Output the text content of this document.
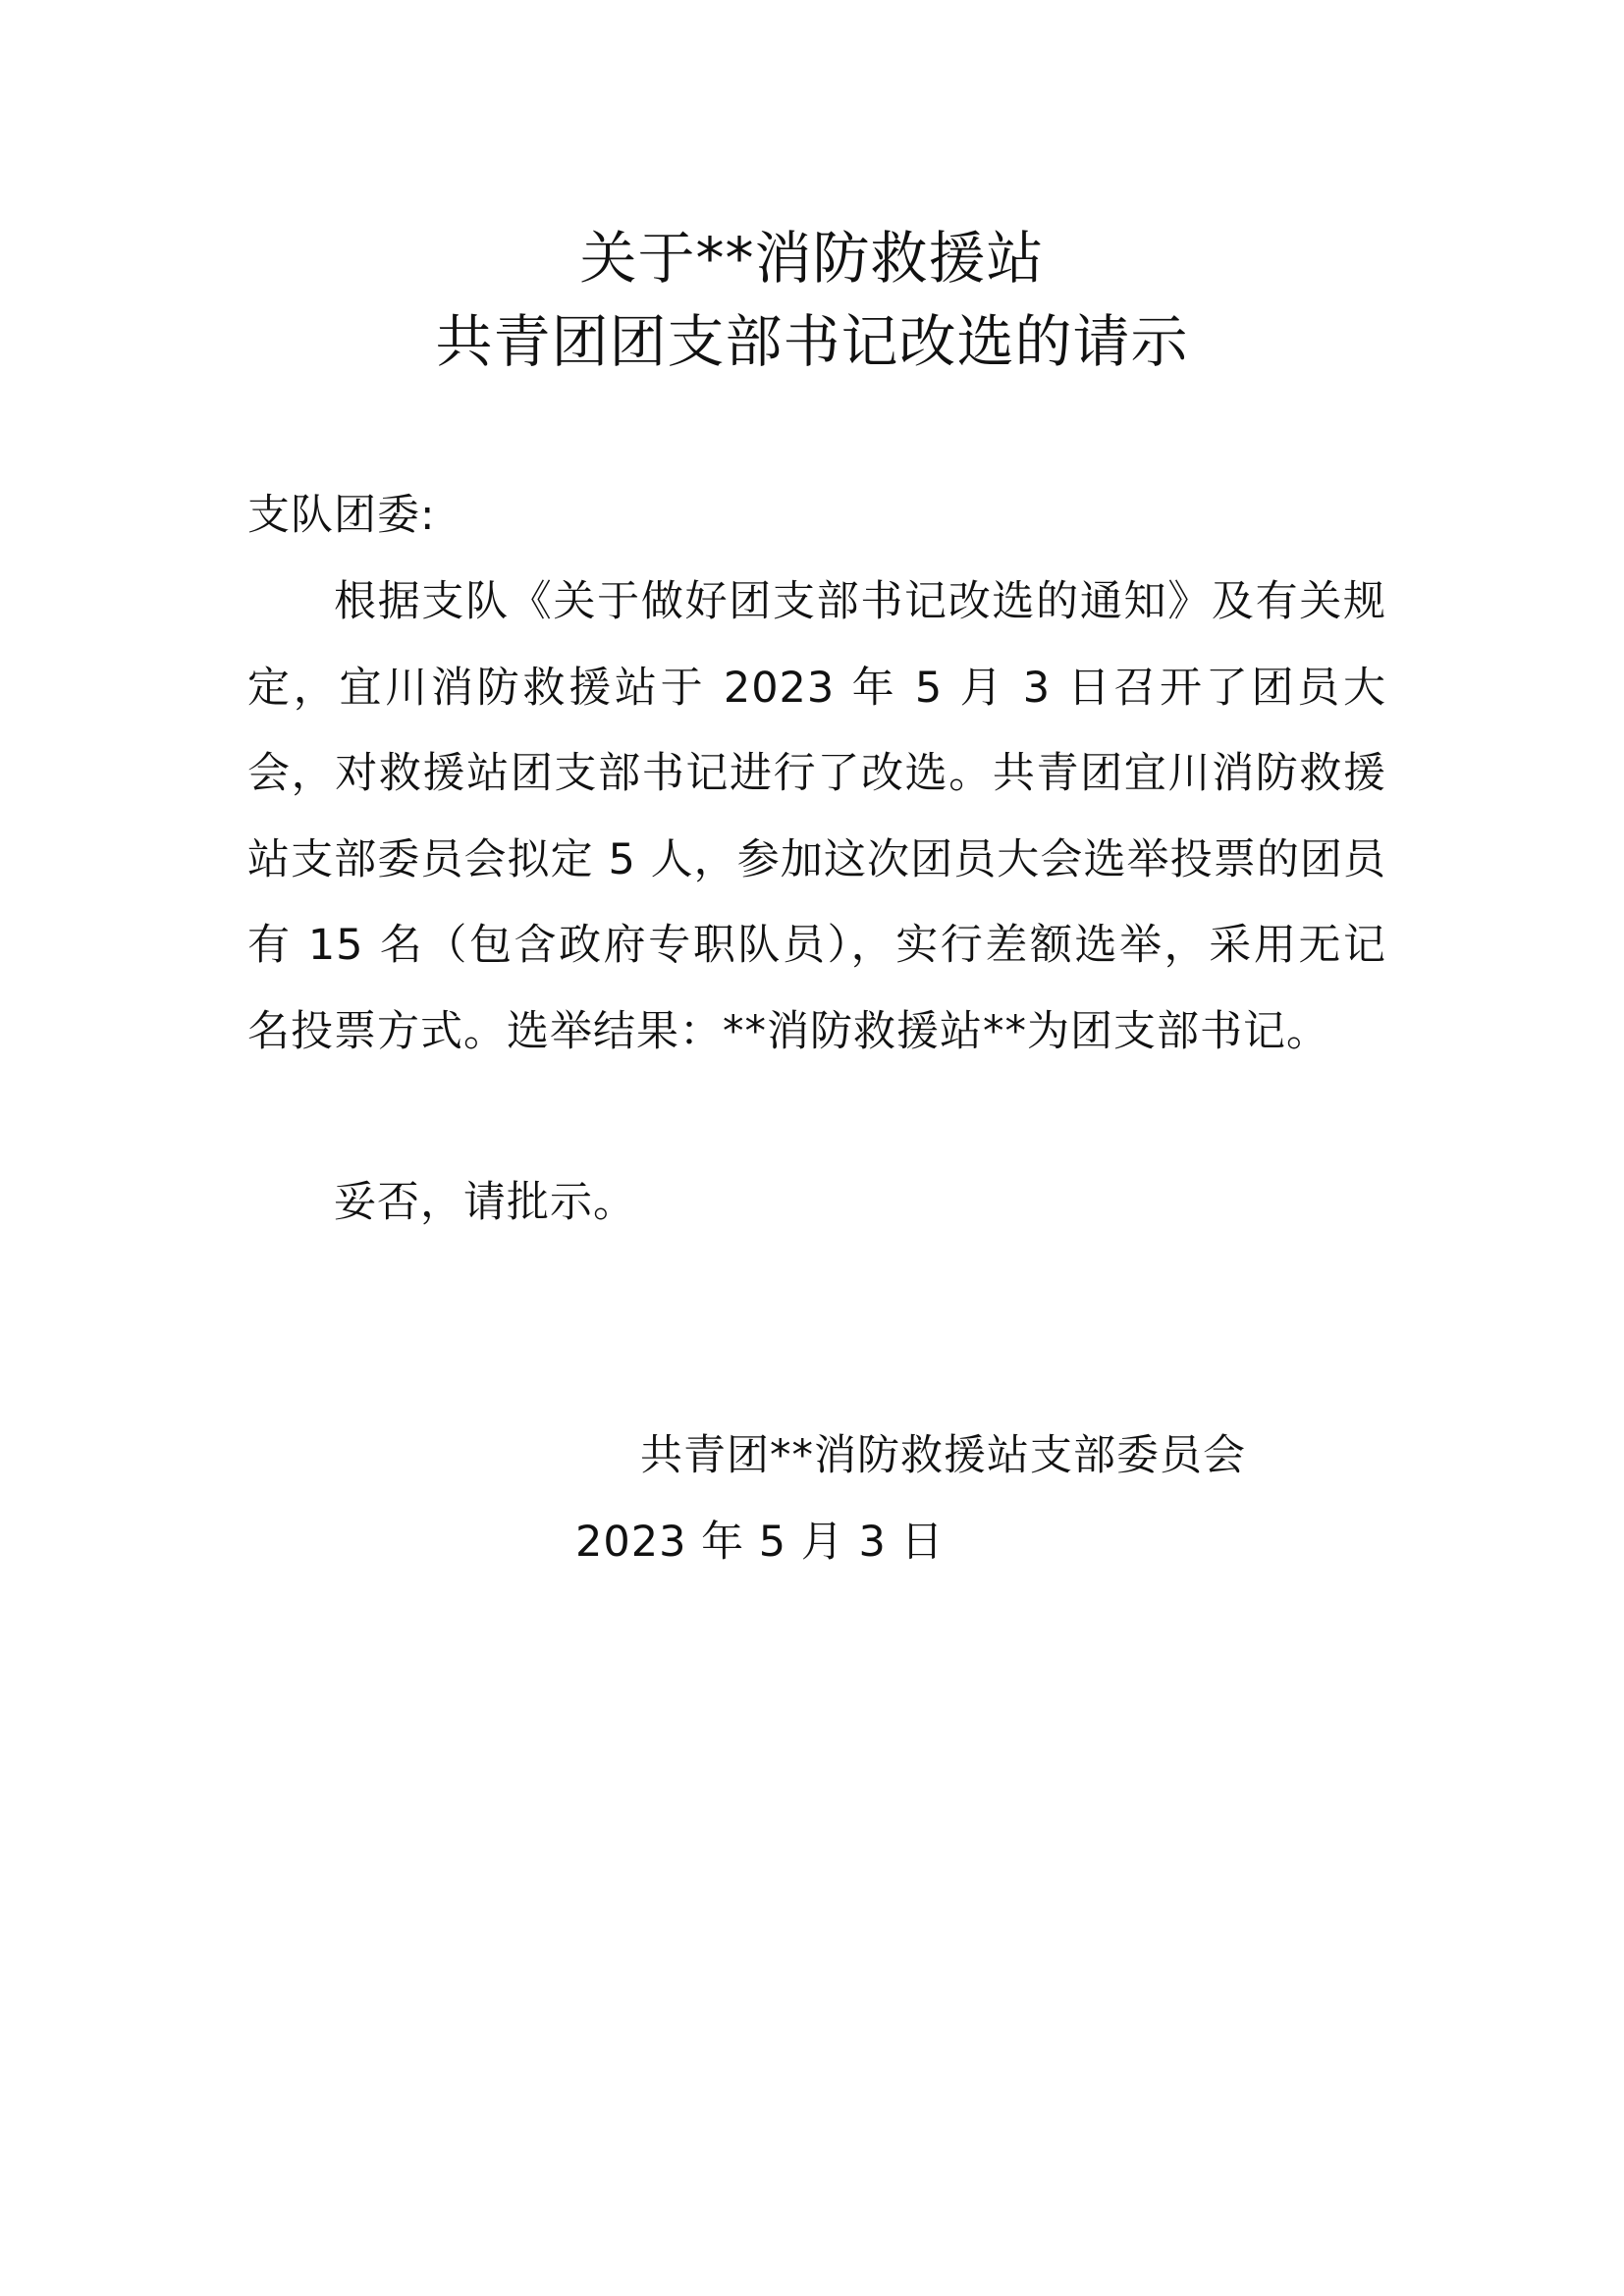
关于**消防救援站
共青团团支部书记改选的请示
支队团委:
根据支队《关于做好团支部书记改选的通知》及有关规定，宜川消防救援站于 2023 年 5 月 3 日召开了团员大会，对救援站团支部书记进行了改选。共青团宜川消防救援站支部委员会拟定 5 人，参加这次团员大会选举投票的团员有 15 名（包含政府专职队员），实行差额选举，采用无记名投票方式。选举结果：**消防救援站**为团支部书记。
妥否，请批示。
共青团**消防救援站支部委员会
2023 年 5 月 3 日
